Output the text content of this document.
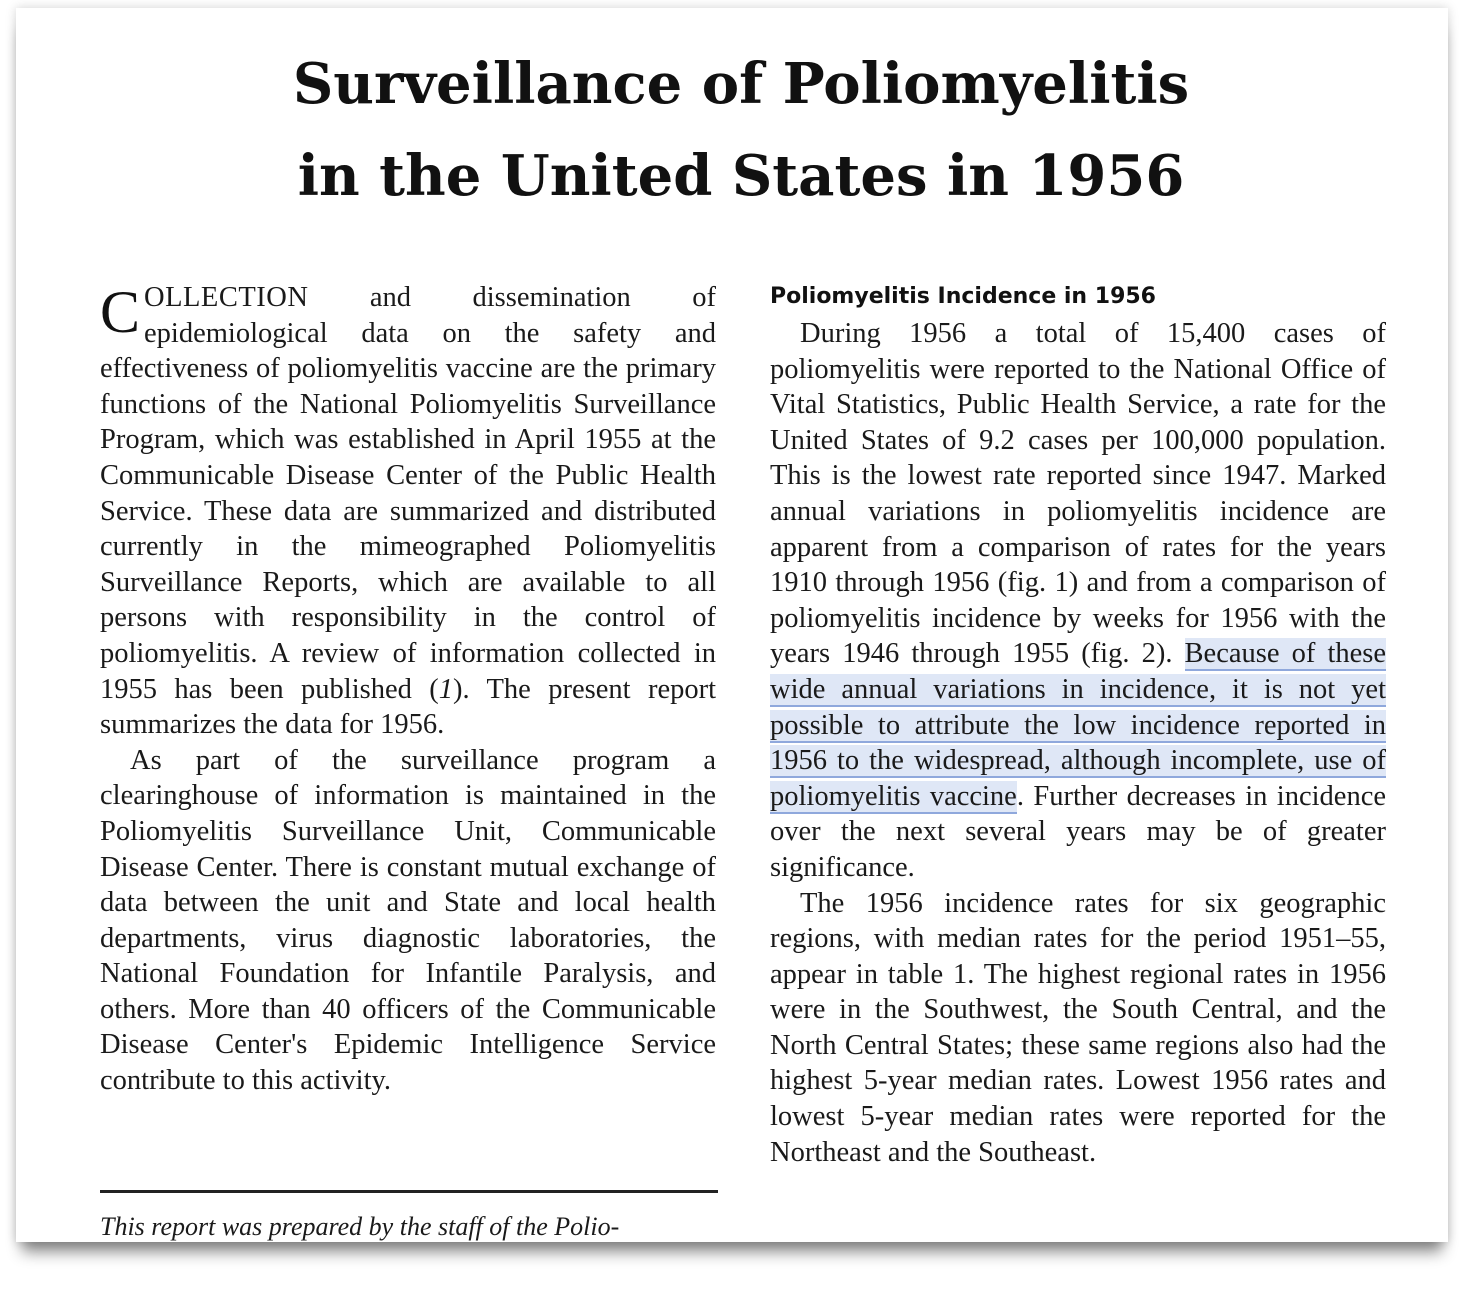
Surveillance of Poliomyelitis
in the United States in 1956

COLLECTION and dissemination of epidemiological data on the safety and effectiveness of poliomyelitis vaccine are the primary functions of the National Poliomyelitis Surveillance Program, which was established in April 1955 at the Communicable Disease Center of the Public Health Service. These data are summarized and distributed currently in the mimeographed Poliomyelitis Surveillance Reports, which are available to all persons with responsibility in the control of poliomyelitis. A review of information collected in 1955 has been published (1). The present report summarizes the data for 1956.

As part of the surveillance program a clearinghouse of information is maintained in the Poliomyelitis Surveillance Unit, Communicable Disease Center. There is constant mutual exchange of data between the unit and State and local health departments, virus diagnostic laboratories, the National Foundation for Infantile Paralysis, and others. More than 40 officers of the Communicable Disease Center's Epidemic Intelligence Service contribute to this activity.

This report was prepared by the staff of the Polio-

Poliomyelitis Incidence in 1956

During 1956 a total of 15,400 cases of poliomyelitis were reported to the National Office of Vital Statistics, Public Health Service, a rate for the United States of 9.2 cases per 100,000 population. This is the lowest rate reported since 1947. Marked annual variations in poliomyelitis incidence are apparent from a comparison of rates for the years 1910 through 1956 (fig. 1) and from a comparison of poliomyelitis incidence by weeks for 1956 with the years 1946 through 1955 (fig. 2). Because of these wide annual variations in incidence, it is not yet possible to attribute the low incidence reported in 1956 to the widespread, although incomplete, use of poliomyelitis vaccine. Further decreases in incidence over the next several years may be of greater significance.

The 1956 incidence rates for six geographic regions, with median rates for the period 1951–55, appear in table 1. The highest regional rates in 1956 were in the Southwest, the South Central, and the North Central States; these same regions also had the highest 5-year median rates. Lowest 1956 rates and lowest 5-year median rates were reported for the Northeast and the Southeast.
